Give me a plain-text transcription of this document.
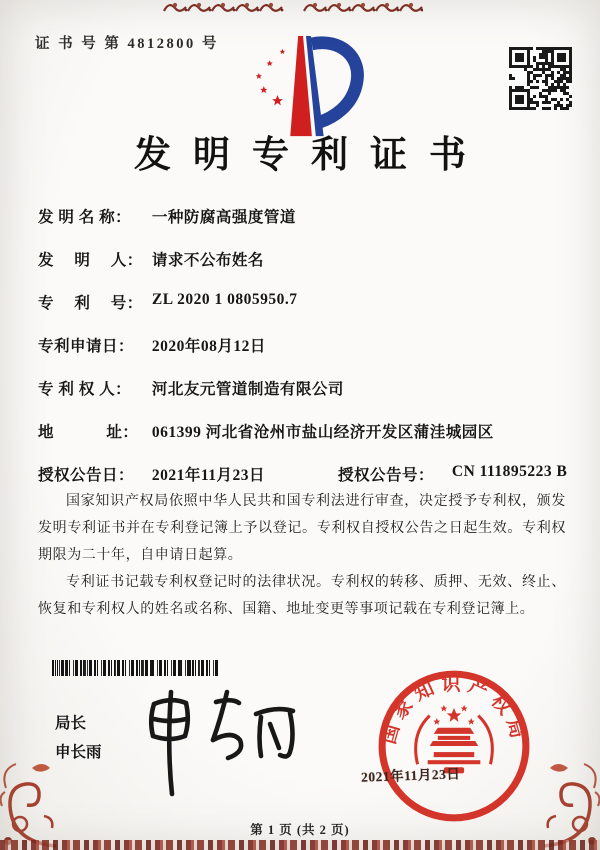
证 书 号 第 4812800 号
发明专利证书
发 明 名 称： 一种防腐高强度管道
发　 明　 人： 请求不公布姓名
专　 利　 号： ZL 2020 1 0805950.7
专利申请日： 2020年08月12日
专 利 权 人： 河北友元管道制造有限公司
地　　　 址： 061399 河北省沧州市盐山经济开发区蒲洼城园区
授权公告日： 2021年11月23日	授权公告号： CN 111895223 B

国家知识产权局依照中华人民共和国专利法进行审查，决定授予专利权，颁发发明专利证书并在专利登记簿上予以登记。专利权自授权公告之日起生效。专利权期限为二十年，自申请日起算。

专利证书记载专利权登记时的法律状况。专利权的转移、质押、无效、终止、恢复和专利权人的姓名或名称、国籍、地址变更等事项记载在专利登记簿上。

局长
申长雨
国家知识产权局
2021年11月23日
第 1 页 (共 2 页)
